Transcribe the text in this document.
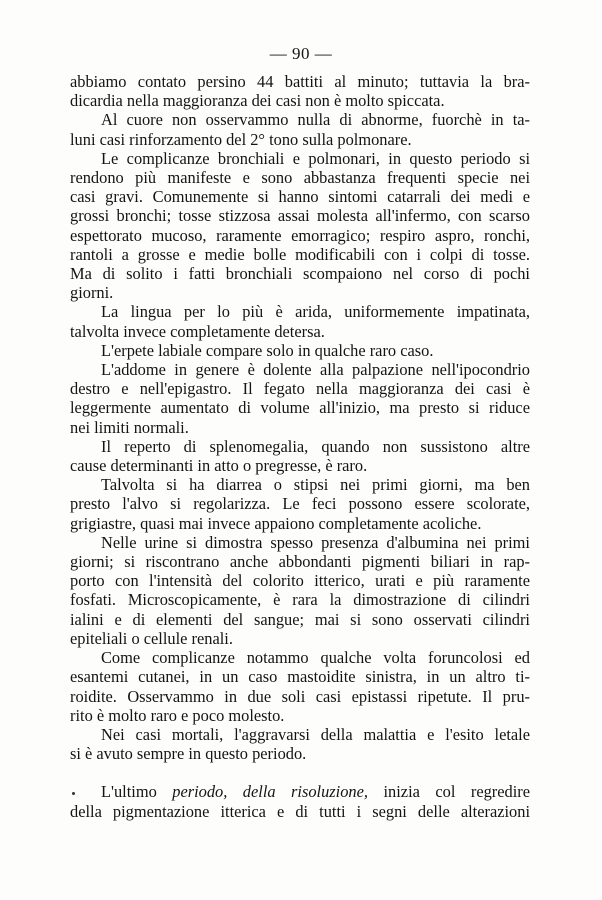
— 90 —
abbiamo contato persino 44 battiti al minuto; tuttavia la bra-
dicardia nella maggioranza dei casi non è molto spiccata.
Al cuore non osservammo nulla di abnorme, fuorchè in ta-
luni casi rinforzamento del 2° tono sulla polmonare.
Le complicanze bronchiali e polmonari, in questo periodo si
rendono più manifeste e sono abbastanza frequenti specie nei
casi gravi. Comunemente si hanno sintomi catarrali dei medi e
grossi bronchi; tosse stizzosa assai molesta all'infermo, con scarso
espettorato mucoso, raramente emorragico; respiro aspro, ronchi,
rantoli a grosse e medie bolle modificabili con i colpi di tosse.
Ma di solito i fatti bronchiali scompaiono nel corso di pochi
giorni.
La lingua per lo più è arida, uniformemente impatinata,
talvolta invece completamente detersa.
L'erpete labiale compare solo in qualche raro caso.
L'addome in genere è dolente alla palpazione nell'ipocondrio
destro e nell'epigastro. Il fegato nella maggioranza dei casi è
leggermente aumentato di volume all'inizio, ma presto si riduce
nei limiti normali.
Il reperto di splenomegalia, quando non sussistono altre
cause determinanti in atto o pregresse, è raro.
Talvolta si ha diarrea o stipsi nei primi giorni, ma ben
presto l'alvo si regolarizza. Le feci possono essere scolorate,
grigiastre, quasi mai invece appaiono completamente acoliche.
Nelle urine si dimostra spesso presenza d'albumina nei primi
giorni; si riscontrano anche abbondanti pigmenti biliari in rap-
porto con l'intensità del colorito itterico, urati e più raramente
fosfati. Microscopicamente, è rara la dimostrazione di cilindri
ialini e di elementi del sangue; mai si sono osservati cilindri
epiteliali o cellule renali.
Come complicanze notammo qualche volta foruncolosi ed
esantemi cutanei, in un caso mastoidite sinistra, in un altro ti-
roidite. Osservammo in due soli casi epistassi ripetute. Il pru-
rito è molto raro e poco molesto.
Nei casi mortali, l'aggravarsi della malattia e l'esito letale
si è avuto sempre in questo periodo.
L'ultimo periodo, della risoluzione, inizia col regredire
della pigmentazione itterica e di tutti i segni delle alterazioni
